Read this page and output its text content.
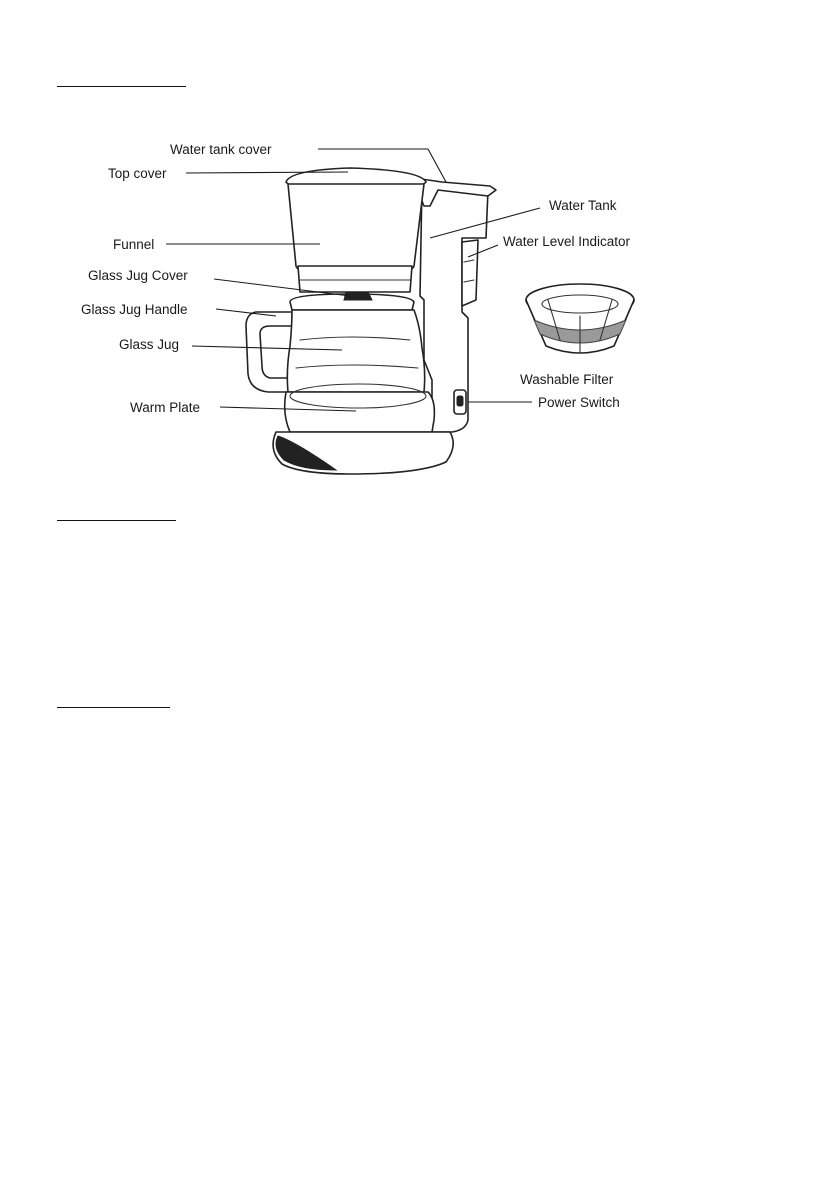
Water tank cover
Top cover
Funnel
Glass Jug Cover
Glass Jug Handle
Glass Jug
Warm Plate
Water Tank
Water Level Indicator
Washable Filter
Power Switch
